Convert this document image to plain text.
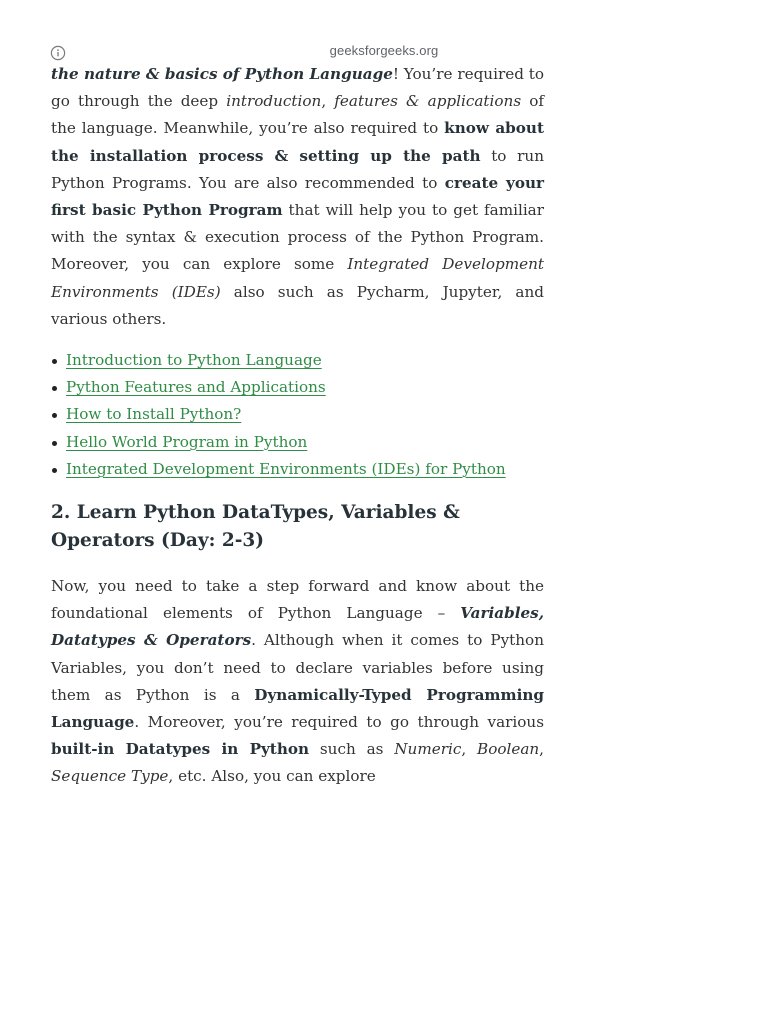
geeksforgeeks.org

the nature & basics of Python Language! You’re required to go through the deep introduction, features & applications of the language. Meanwhile, you’re also required to know about the installation process & setting up the path to run Python Programs. You are also recommended to create your first basic Python Program that will help you to get familiar with the syntax & execution process of the Python Program. Moreover, you can explore some Integrated Development Environments (IDEs) also such as Pycharm, Jupyter, and various others.

Introduction to Python Language
Python Features and Applications
How to Install Python?
Hello World Program in Python
Integrated Development Environments (IDEs) for Python
2. Learn Python DataTypes, Variables & Operators (Day: 2-3)

Now, you need to take a step forward and know about the foundational elements of Python Language – Variables, Datatypes & Operators. Although when it comes to Python Variables, you don’t need to declare variables before using them as Python is a Dynamically-Typed Programming Language. Moreover, you’re required to go through various built-in Datatypes in Python such as Numeric, Boolean, Sequence Type, etc. Also, you can explore
